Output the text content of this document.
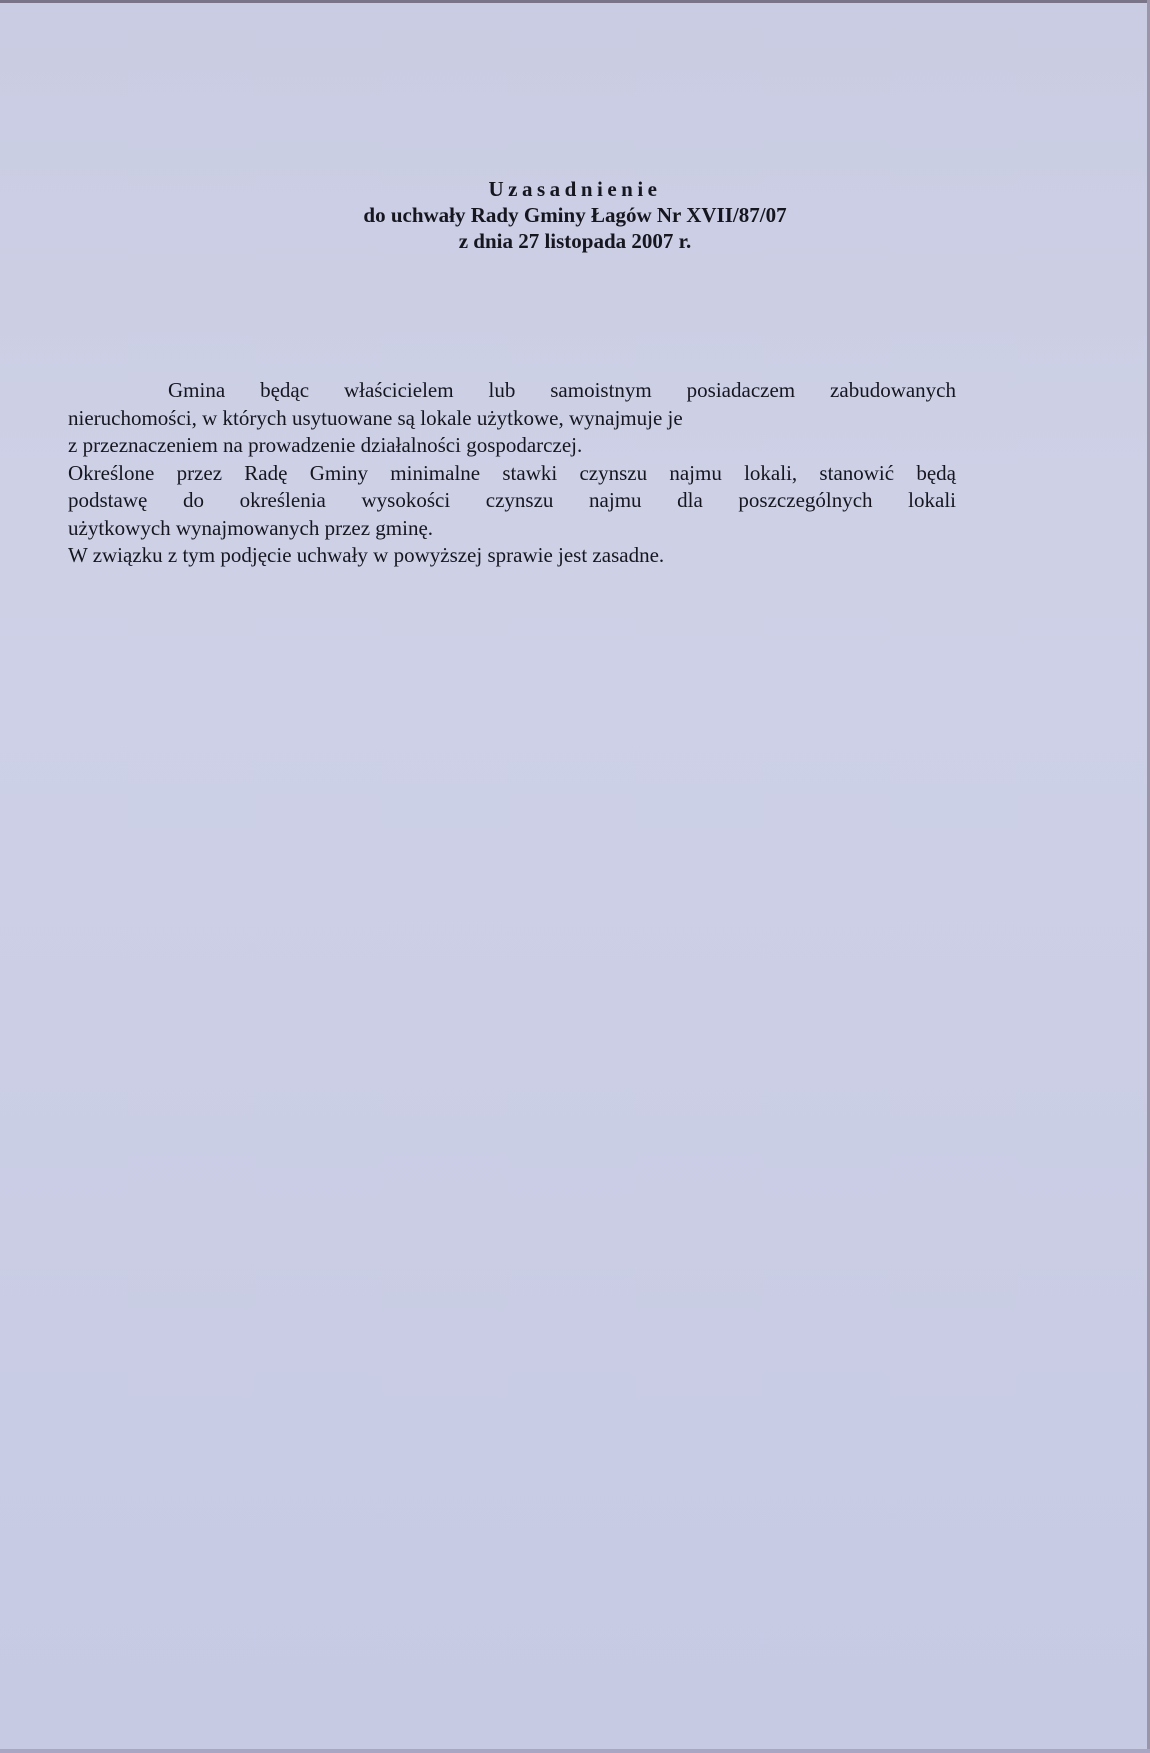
Uzasadnienie
do uchwały Rady Gminy Łagów Nr XVII/87/07
z dnia 27 listopada 2007 r.

Gmina będąc właścicielem lub samoistnym posiadaczem zabudowanych

nieruchomości, w których usytuowane są lokale użytkowe, wynajmuje je

z przeznaczeniem na prowadzenie działalności gospodarczej.

Określone przez Radę Gminy minimalne stawki czynszu najmu lokali, stanowić będą

podstawę do określenia wysokości czynszu najmu dla poszczególnych lokali

użytkowych wynajmowanych przez gminę.

W związku z tym podjęcie uchwały w powyższej sprawie jest zasadne.
